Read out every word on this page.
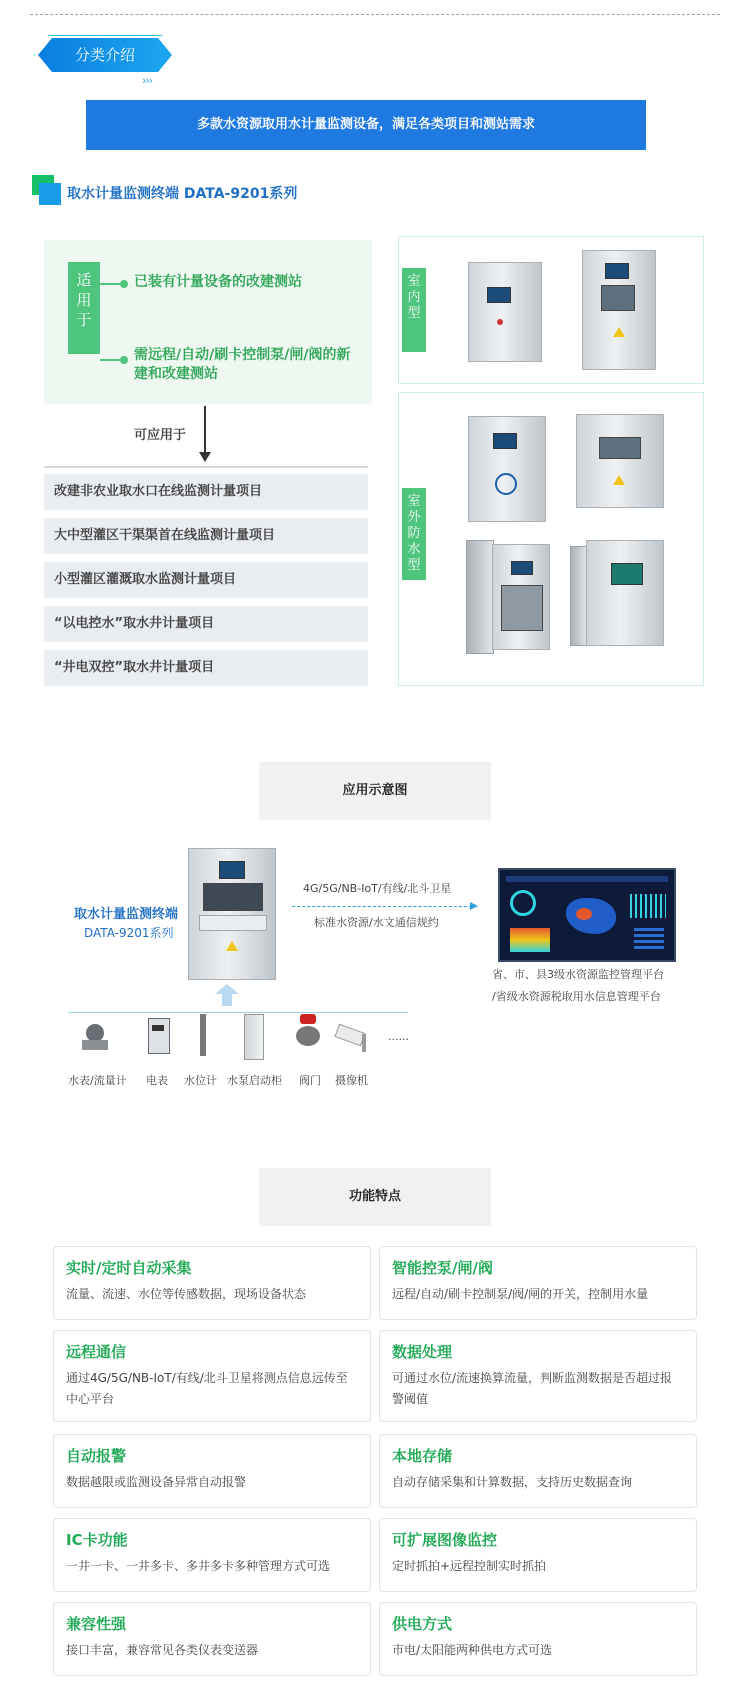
分类介绍
›››
多款水资源取用水计量监测设备，满足各类项目和测站需求
取水计量监测终端 DATA-9201系列
适用于
已装有计量设备的改建测站
需远程/自动/刷卡控制泵/闸/阀的新建和改建测站
可应用于
改建非农业取水口在线监测计量项目
大中型灌区干渠渠首在线监测计量项目
小型灌区灌溉取水监测计量项目
“以电控水”取水井计量项目
“井电双控”取水井计量项目
室内型
室外防水型
应用示意图
取水计量监测终端
DATA-9201系列
4G/5G/NB-IoT/有线/北斗卫星
标准水资源/水文通信规约
省、市、县3级水资源监控管理平台
/省级水资源税取用水信息管理平台
......
水表/流量计 电表 水位计 水泵启动柜 阀门 摄像机
功能特点
实时/定时自动采集
流量、流速、水位等传感数据，现场设备状态
智能控泵/闸/阀
远程/自动/刷卡控制泵/阀/闸的开关，控制用水量
远程通信
通过4G/5G/NB-IoT/有线/北斗卫星将测点信息远传至中心平台
数据处理
可通过水位/流速换算流量，判断监测数据是否超过报警阈值
自动报警
数据越限或监测设备异常自动报警
本地存储
自动存储采集和计算数据，支持历史数据查询
IC卡功能
一井一卡、一井多卡、多井多卡多种管理方式可选
可扩展图像监控
定时抓拍+远程控制实时抓拍
兼容性强
接口丰富，兼容常见各类仪表变送器
供电方式
市电/太阳能两种供电方式可选
